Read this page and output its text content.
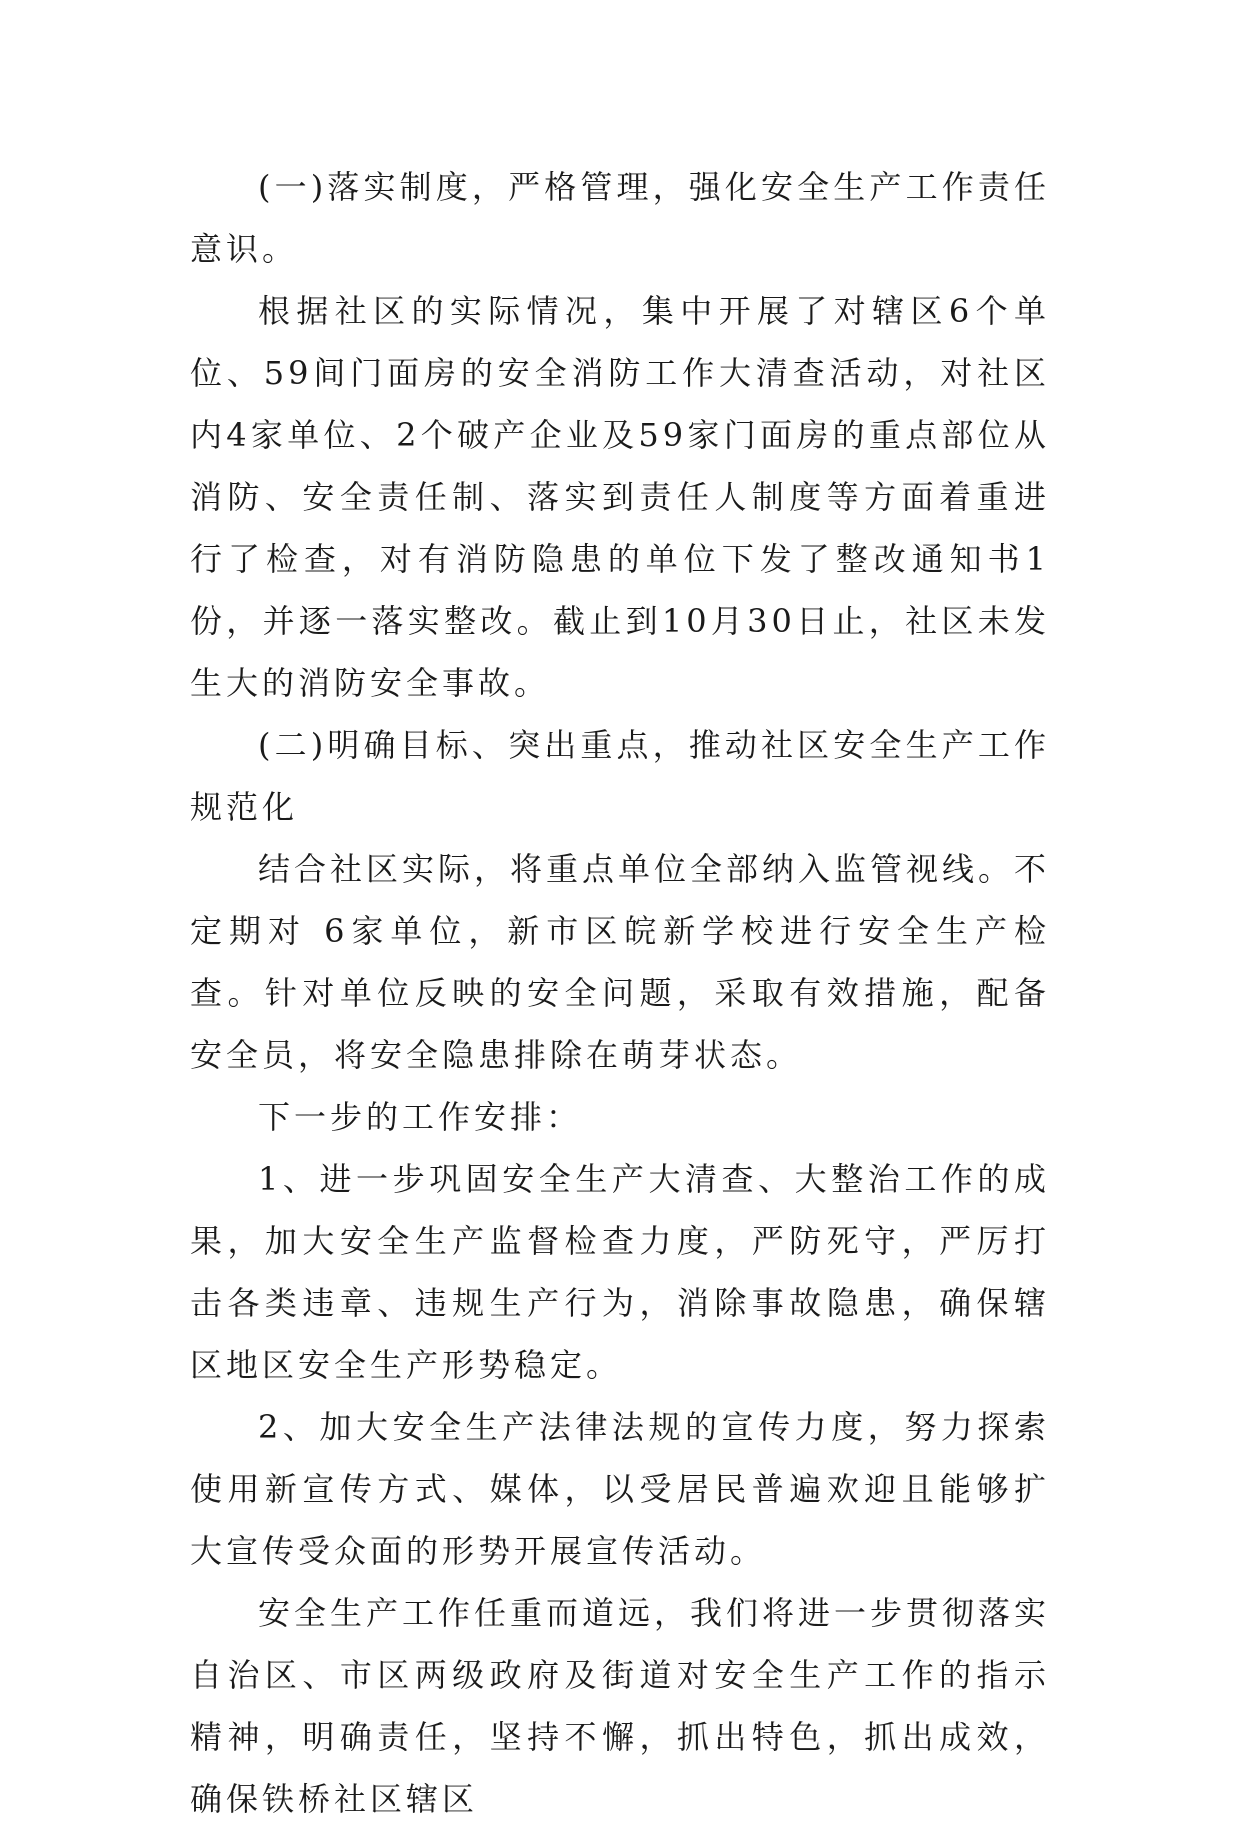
(一)落实制度，严格管理，强化安全生产工作责任意识。

根据社区的实际情况，集中开展了对辖区6个单位、59间门面房的安全消防工作大清查活动，对社区内4家单位、2个破产企业及59家门面房的重点部位从消防、安全责任制、落实到责任人制度等方面着重进行了检查，对有消防隐患的单位下发了整改通知书1份，并逐一落实整改。截止到10月30日止，社区未发生大的消防安全事故。

(二)明确目标、突出重点，推动社区安全生产工作规范化

结合社区实际，将重点单位全部纳入监管视线。不定期对 6家单位，新市区皖新学校进行安全生产检查。针对单位反映的安全问题，采取有效措施，配备安全员，将安全隐患排除在萌芽状态。

下一步的工作安排：

1、进一步巩固安全生产大清查、大整治工作的成果，加大安全生产监督检查力度，严防死守，严厉打击各类违章、违规生产行为，消除事故隐患，确保辖区地区安全生产形势稳定。

2、加大安全生产法律法规的宣传力度，努力探索使用新宣传方式、媒体，以受居民普遍欢迎且能够扩大宣传受众面的形势开展宣传活动。

安全生产工作任重而道远，我们将进一步贯彻落实自治区、市区两级政府及街道对安全生产工作的指示精神，明确责任，坚持不懈，抓出特色，抓出成效，确保铁桥社区辖区
